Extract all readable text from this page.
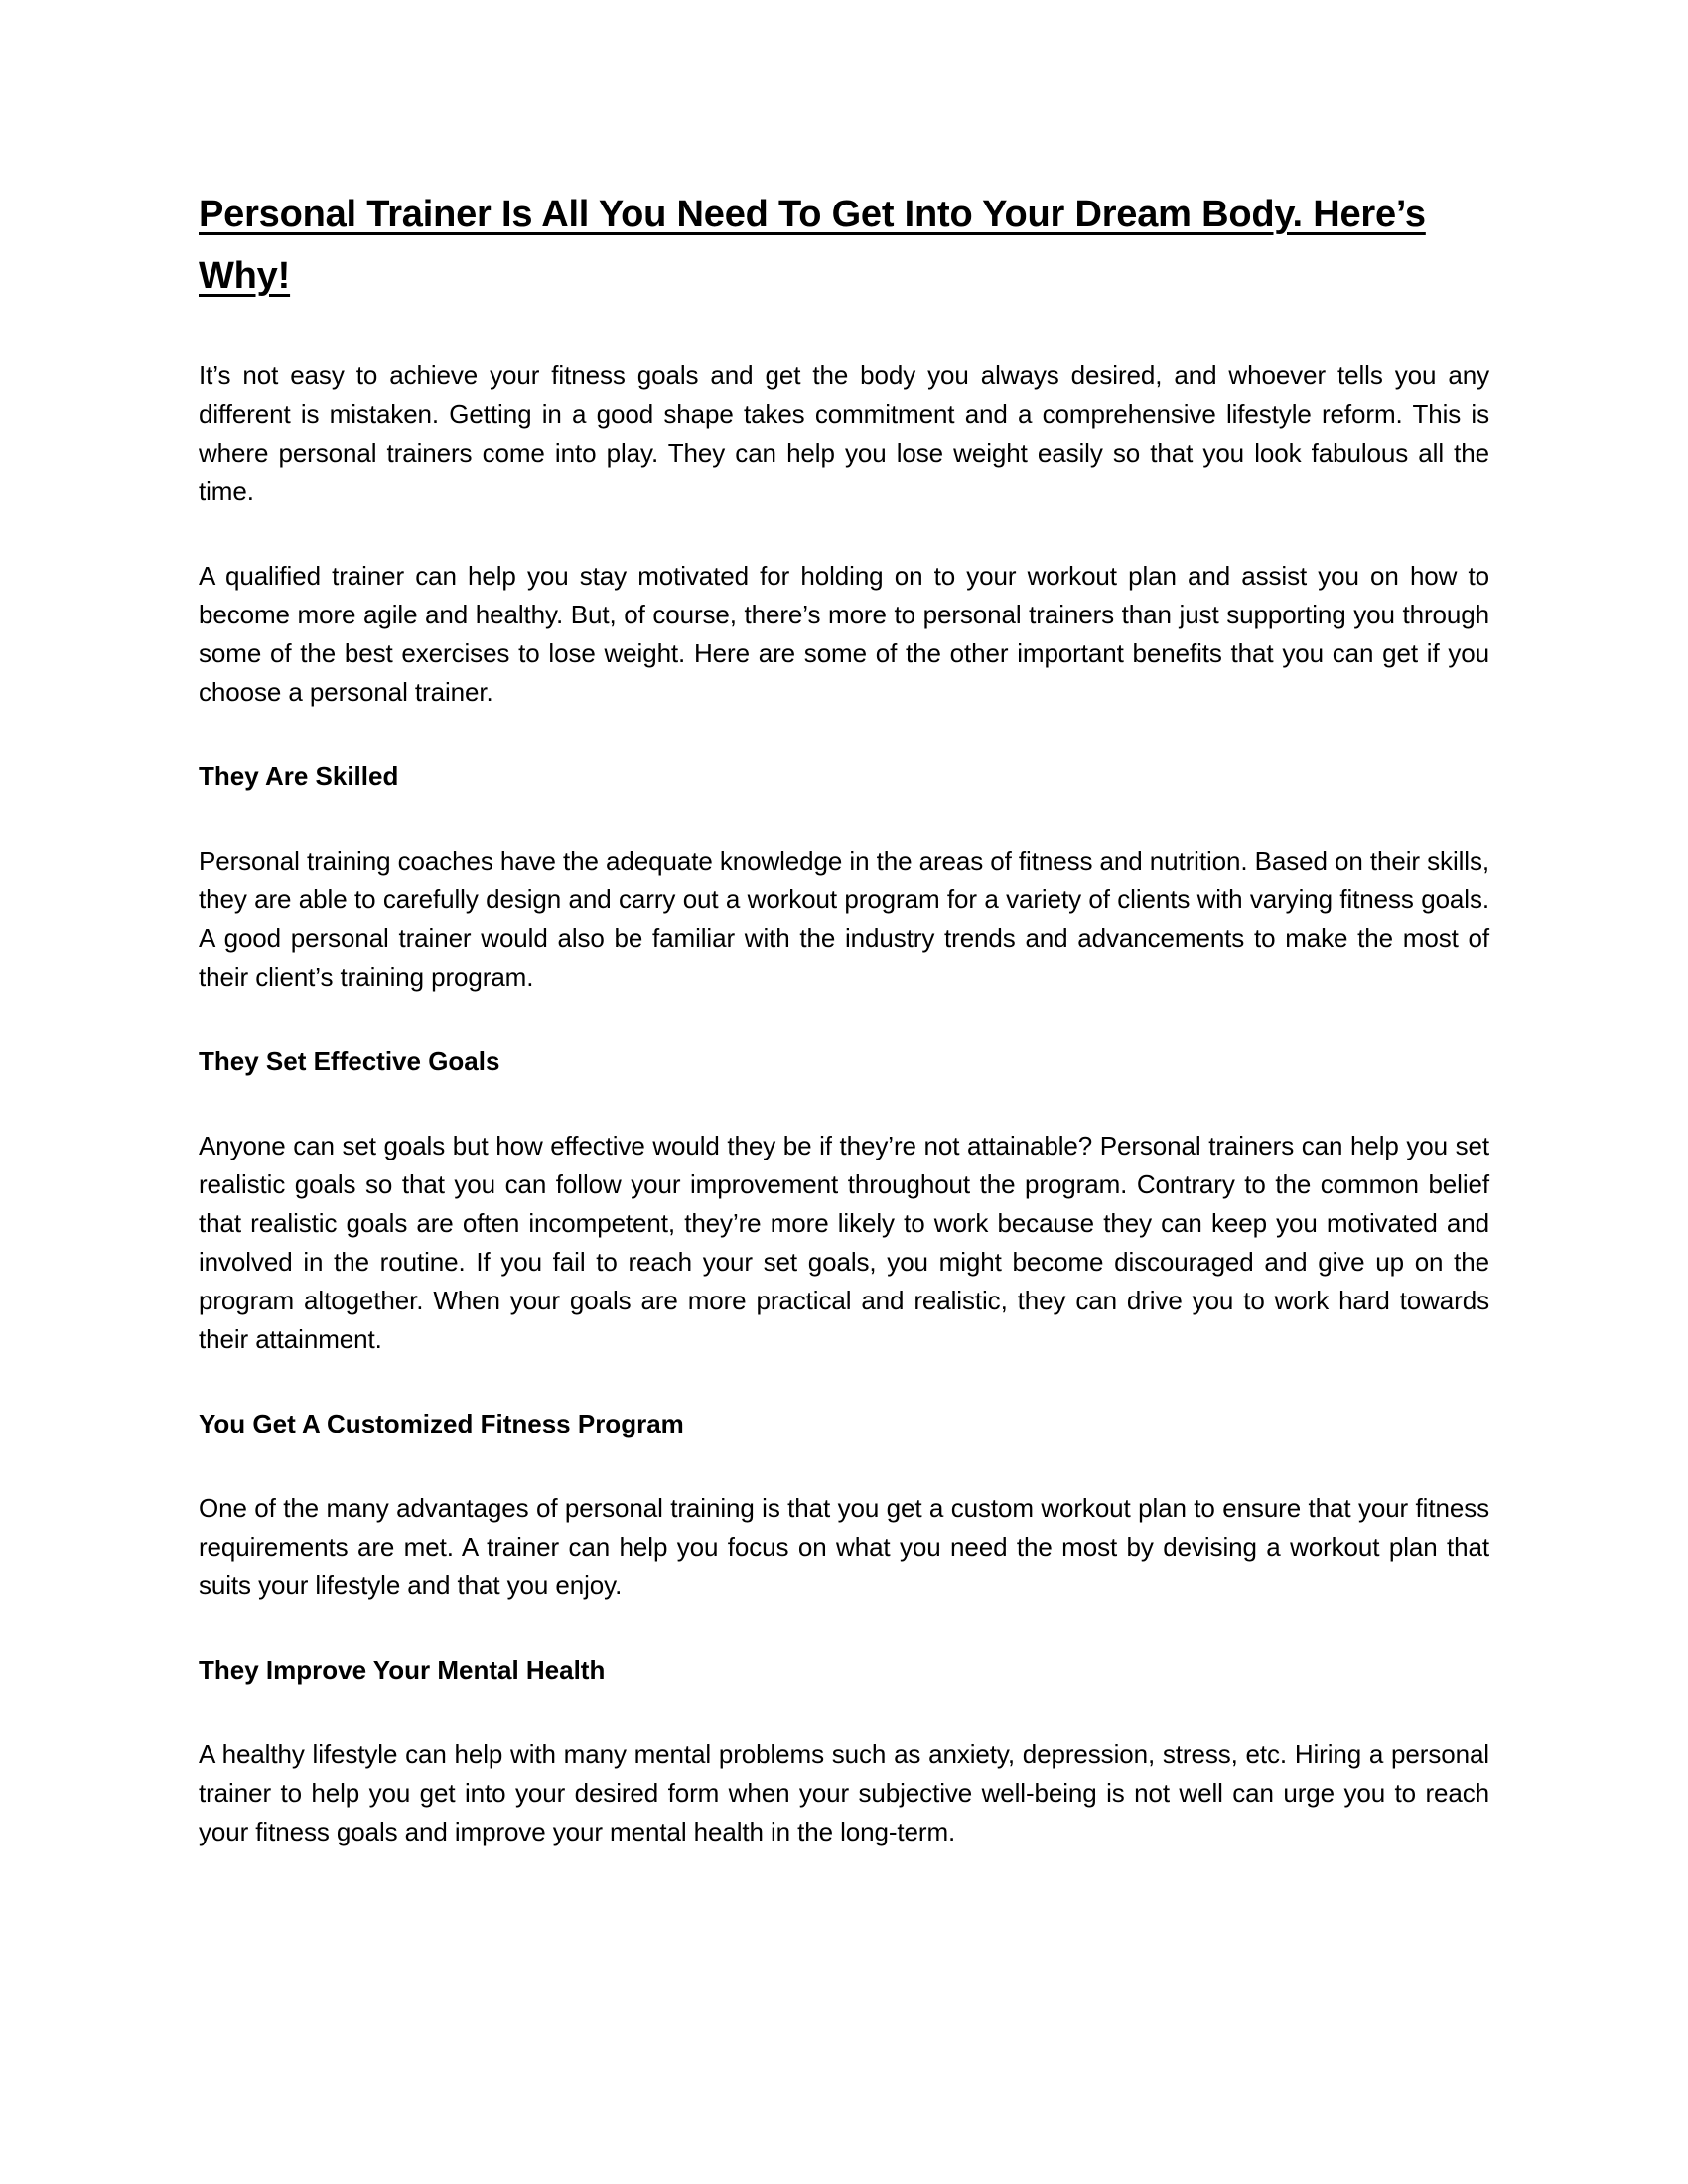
Personal Trainer Is All You Need To Get Into Your Dream Body. Here’s Why!

It’s not easy to achieve your fitness goals and get the body you always desired, and whoever tells you any different is mistaken. Getting in a good shape takes commitment and a comprehensive lifestyle reform. This is where personal trainers come into play. They can help you lose weight easily so that you look fabulous all the time.

A qualified trainer can help you stay motivated for holding on to your workout plan and assist you on how to become more agile and healthy. But, of course, there’s more to personal trainers than just supporting you through some of the best exercises to lose weight. Here are some of the other important benefits that you can get if you choose a personal trainer.

They Are Skilled

Personal training coaches have the adequate knowledge in the areas of fitness and nutrition. Based on their skills, they are able to carefully design and carry out a workout program for a variety of clients with varying fitness goals. A good personal trainer would also be familiar with the industry trends and advancements to make the most of their client’s training program.

They Set Effective Goals

Anyone can set goals but how effective would they be if they’re not attainable? Personal trainers can help you set realistic goals so that you can follow your improvement throughout the program. Contrary to the common belief that realistic goals are often incompetent, they’re more likely to work because they can keep you motivated and involved in the routine. If you fail to reach your set goals, you might become discouraged and give up on the program altogether. When your goals are more practical and realistic, they can drive you to work hard towards their attainment.

You Get A Customized Fitness Program

One of the many advantages of personal training is that you get a custom workout plan to ensure that your fitness requirements are met. A trainer can help you focus on what you need the most by devising a workout plan that suits your lifestyle and that you enjoy.

They Improve Your Mental Health

A healthy lifestyle can help with many mental problems such as anxiety, depression, stress, etc. Hiring a personal trainer to help you get into your desired form when your subjective well-being is not well can urge you to reach your fitness goals and improve your mental health in the long-term.
